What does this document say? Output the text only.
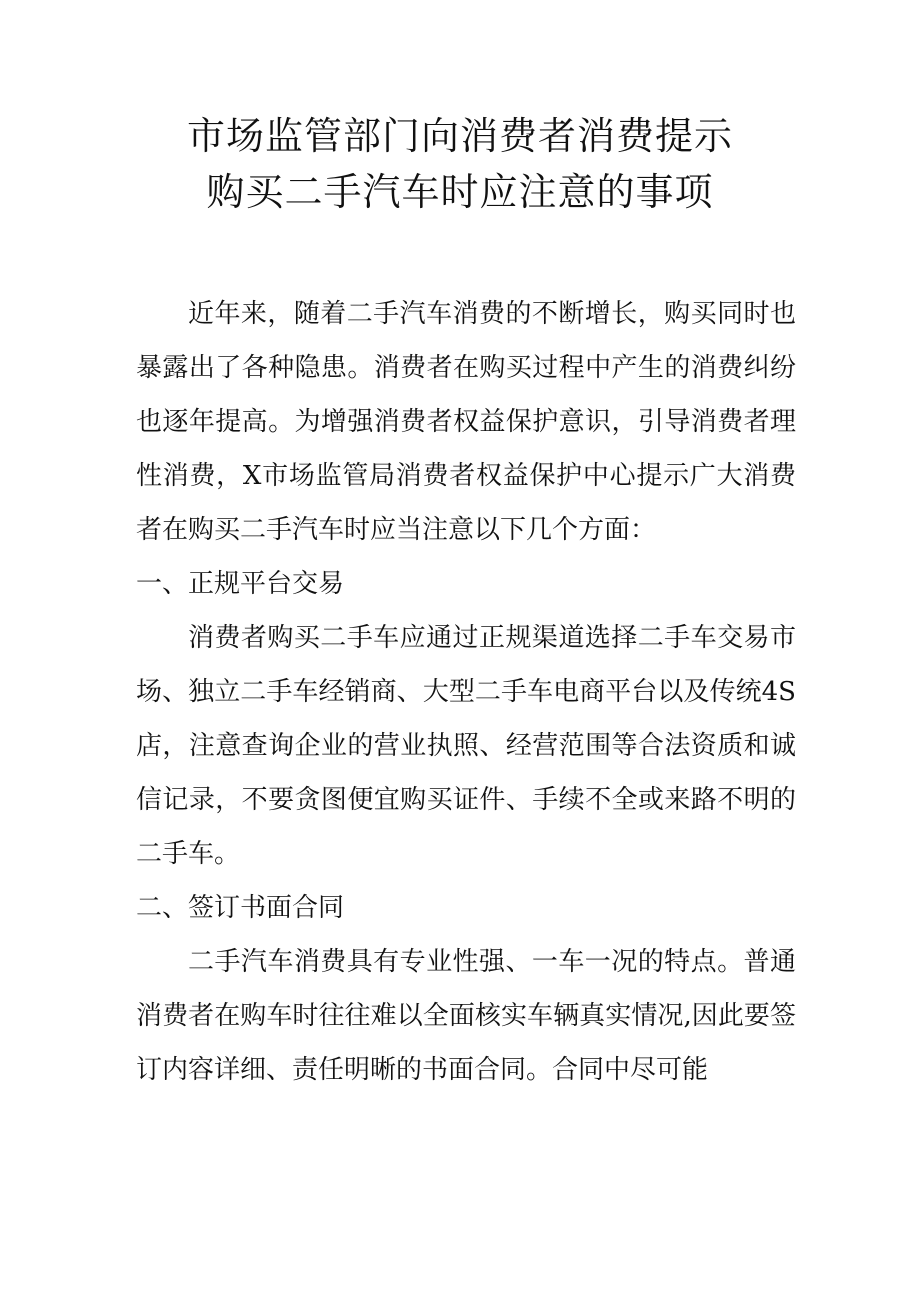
市场监管部门向消费者消费提示
购买二手汽车时应注意的事项

近年来，随着二手汽车消费的不断增长，购买同时也暴露出了各种隐患。消费者在购买过程中产生的消费纠纷也逐年提高。为增强消费者权益保护意识，引导消费者理性消费，X市场监管局消费者权益保护中心提示广大消费者在购买二手汽车时应当注意以下几个方面：

一、正规平台交易

消费者购买二手车应通过正规渠道选择二手车交易市场、独立二手车经销商、大型二手车电商平台以及传统4S店，注意查询企业的营业执照、经营范围等合法资质和诚信记录，不要贪图便宜购买证件、手续不全或来路不明的二手车。

二、签订书面合同

二手汽车消费具有专业性强、一车一况的特点。普通消费者在购车时往往难以全面核实车辆真实情况,因此要签订内容详细、责任明晰的书面合同。合同中尽可能
